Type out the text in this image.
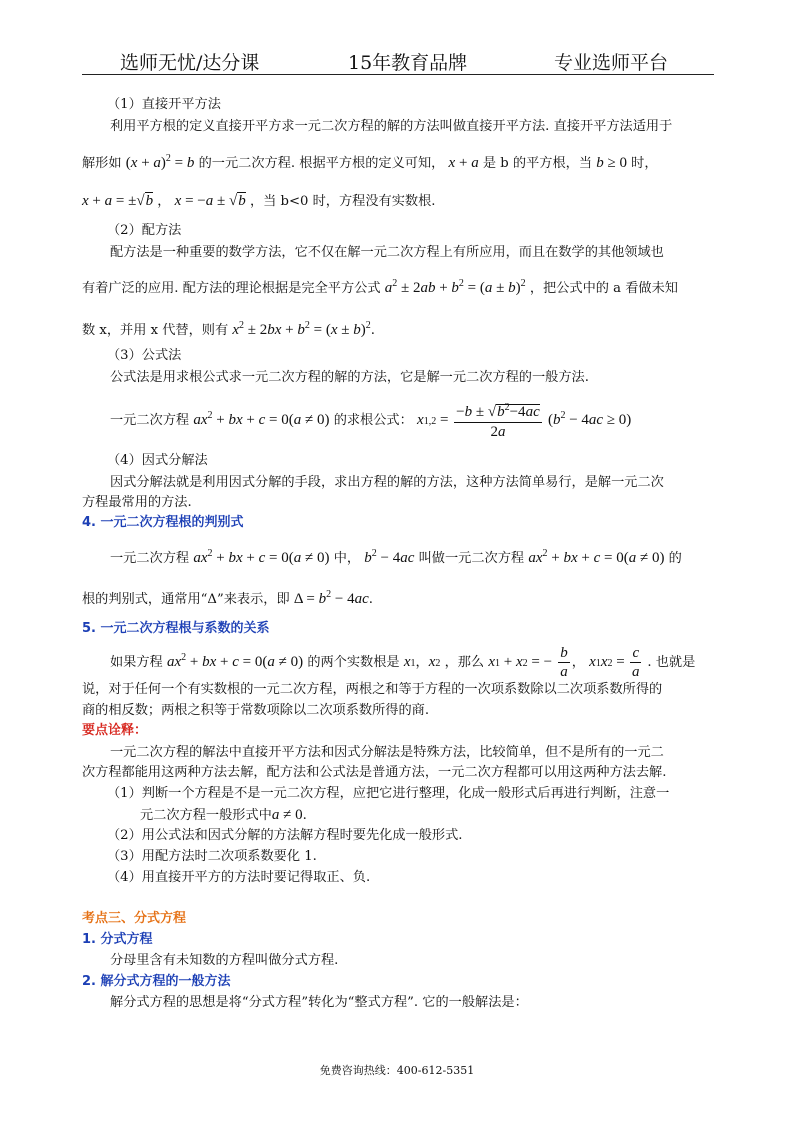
选师无忧/达分课	15年教育品牌	专业选师平台
（1）直接开平方法
利用平方根的定义直接开平方求一元二次方程的解的方法叫做直接开平方法. 直接开平方法适用于
解形如 $(x + a)^2 = b$ 的一元二次方程. 根据平方根的定义可知， x + a 是 b 的平方根，当 b ≥ 0 时，
x + a = ±√b ， x = −a ± √b ，当 b<0 时，方程没有实数根.
（2）配方法
配方法是一种重要的数学方法，它不仅在解一元二次方程上有所应用，而且在数学的其他领域也
有着广泛的应用. 配方法的理论根据是完全平方公式 $a^2 \pm 2ab + b^2 = (a \pm b)^2$ ，把公式中的 a 看做未知
数 x，并用 x 代替，则有 $x^2 \pm 2bx + b^2 = (x \pm b)^2$.
（3）公式法
公式法是用求根公式求一元二次方程的解的方法，它是解一元二次方程的一般方法.
一元二次方程 $ax^2$ + bx + c = 0(a ≠ 0) 的求根公式： $x1,2 = \frac{-b \pm √b^2-4ac}{2a} (b^2 - 4ac \ge 0)$
（4）因式分解法
因式分解法就是利用因式分解的手段，求出方程的解的方法，这种方法简单易行，是解一元二次
方程最常用的方法.
4. 一元二次方程根的判别式
一元二次方程 $ax^2$ + bx + c = 0(a ≠ 0) 中， $b^2 - 4ac$ 叫做一元二次方程 $ax^2$ + bx + c = 0(a ≠ 0) 的
根的判别式，通常用“Δ”来表示，即 $\Delta = b^2 - 4ac$.
5. 一元二次方程根与系数的关系
如果方程 $ax^2$ + bx + c = 0(a ≠ 0) 的两个实数根是 x1，x2 ，那么 x1 + x2 = − $\frac{b}{a}$ ， $x1x2 = \frac{c}{a}$ . 也就是
说，对于任何一个有实数根的一元二次方程，两根之和等于方程的一次项系数除以二次项系数所得的
商的相反数；两根之积等于常数项除以二次项系数所得的商.
要点诠释：
一元二次方程的解法中直接开平方法和因式分解法是特殊方法，比较简单，但不是所有的一元二
次方程都能用这两种方法去解，配方法和公式法是普通方法，一元二次方程都可以用这两种方法去解.
（1）判断一个方程是不是一元二次方程，应把它进行整理，化成一般形式后再进行判断，注意一
元二次方程一般形式中a ≠ 0.
（2）用公式法和因式分解的方法解方程时要先化成一般形式.
（3）用配方法时二次项系数要化 1.
（4）用直接开平方的方法时要记得取正、负.
考点三、分式方程
1. 分式方程
分母里含有未知数的方程叫做分式方程.
2. 解分式方程的一般方法
解分式方程的思想是将“分式方程”转化为“整式方程”. 它的一般解法是：
免费咨询热线：400-612-5351
